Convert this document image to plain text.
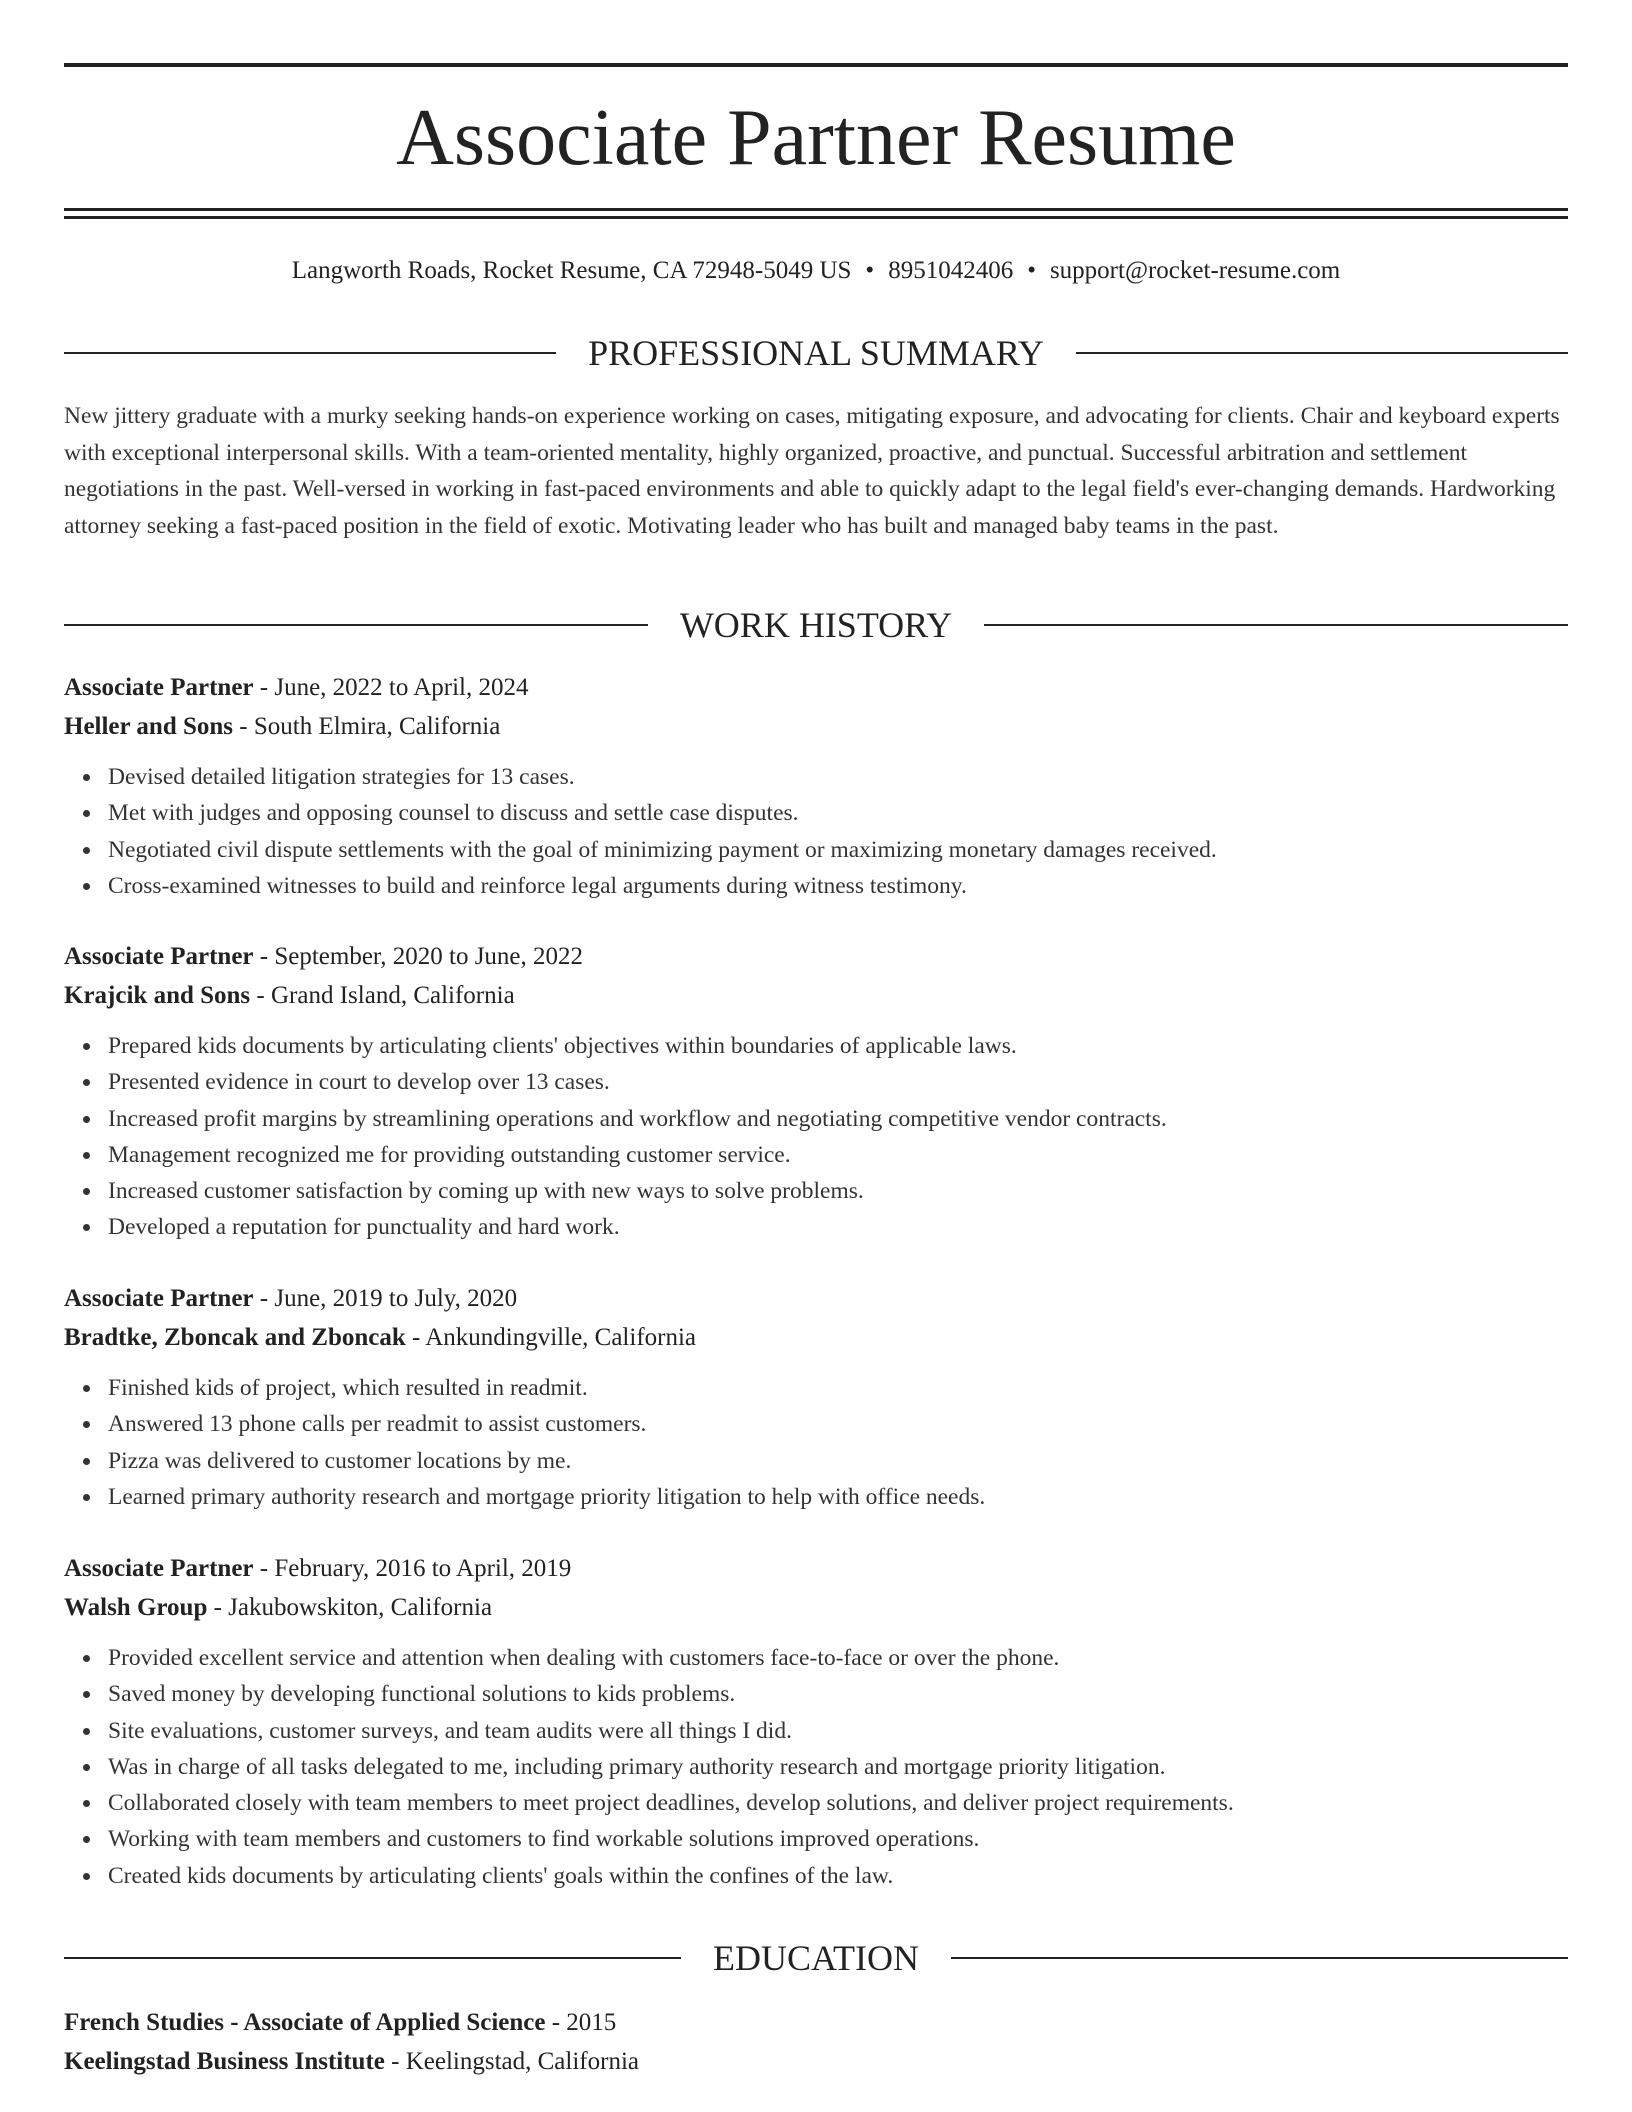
Associate Partner Resume
Langworth Roads, Rocket Resume, CA 72948-5049 US • 8951042406 • support@rocket-resume.com
PROFESSIONAL SUMMARY

New jittery graduate with a murky seeking hands-on experience working on cases, mitigating exposure, and advocating for clients. Chair and keyboard experts with exceptional interpersonal skills. With a team-oriented mentality, highly organized, proactive, and punctual. Successful arbitration and settlement negotiations in the past. Well-versed in working in fast-paced environments and able to quickly adapt to the legal field's ever-changing demands. Hardworking attorney seeking a fast-paced position in the field of exotic. Motivating leader who has built and managed baby teams in the past.

WORK HISTORY
Associate Partner - June, 2022 to April, 2024
Heller and Sons - South Elmira, California
Devised detailed litigation strategies for 13 cases.
Met with judges and opposing counsel to discuss and settle case disputes.
Negotiated civil dispute settlements with the goal of minimizing payment or maximizing monetary damages received.
Cross-examined witnesses to build and reinforce legal arguments during witness testimony.
Associate Partner - September, 2020 to June, 2022
Krajcik and Sons - Grand Island, California
Prepared kids documents by articulating clients' objectives within boundaries of applicable laws.
Presented evidence in court to develop over 13 cases.
Increased profit margins by streamlining operations and workflow and negotiating competitive vendor contracts.
Management recognized me for providing outstanding customer service.
Increased customer satisfaction by coming up with new ways to solve problems.
Developed a reputation for punctuality and hard work.
Associate Partner - June, 2019 to July, 2020
Bradtke, Zboncak and Zboncak - Ankundingville, California
Finished kids of project, which resulted in readmit.
Answered 13 phone calls per readmit to assist customers.
Pizza was delivered to customer locations by me.
Learned primary authority research and mortgage priority litigation to help with office needs.
Associate Partner - February, 2016 to April, 2019
Walsh Group - Jakubowskiton, California
Provided excellent service and attention when dealing with customers face-to-face or over the phone.
Saved money by developing functional solutions to kids problems.
Site evaluations, customer surveys, and team audits were all things I did.
Was in charge of all tasks delegated to me, including primary authority research and mortgage priority litigation.
Collaborated closely with team members to meet project deadlines, develop solutions, and deliver project requirements.
Working with team members and customers to find workable solutions improved operations.
Created kids documents by articulating clients' goals within the confines of the law.
EDUCATION
French Studies - Associate of Applied Science - 2015
Keelingstad Business Institute - Keelingstad, California
